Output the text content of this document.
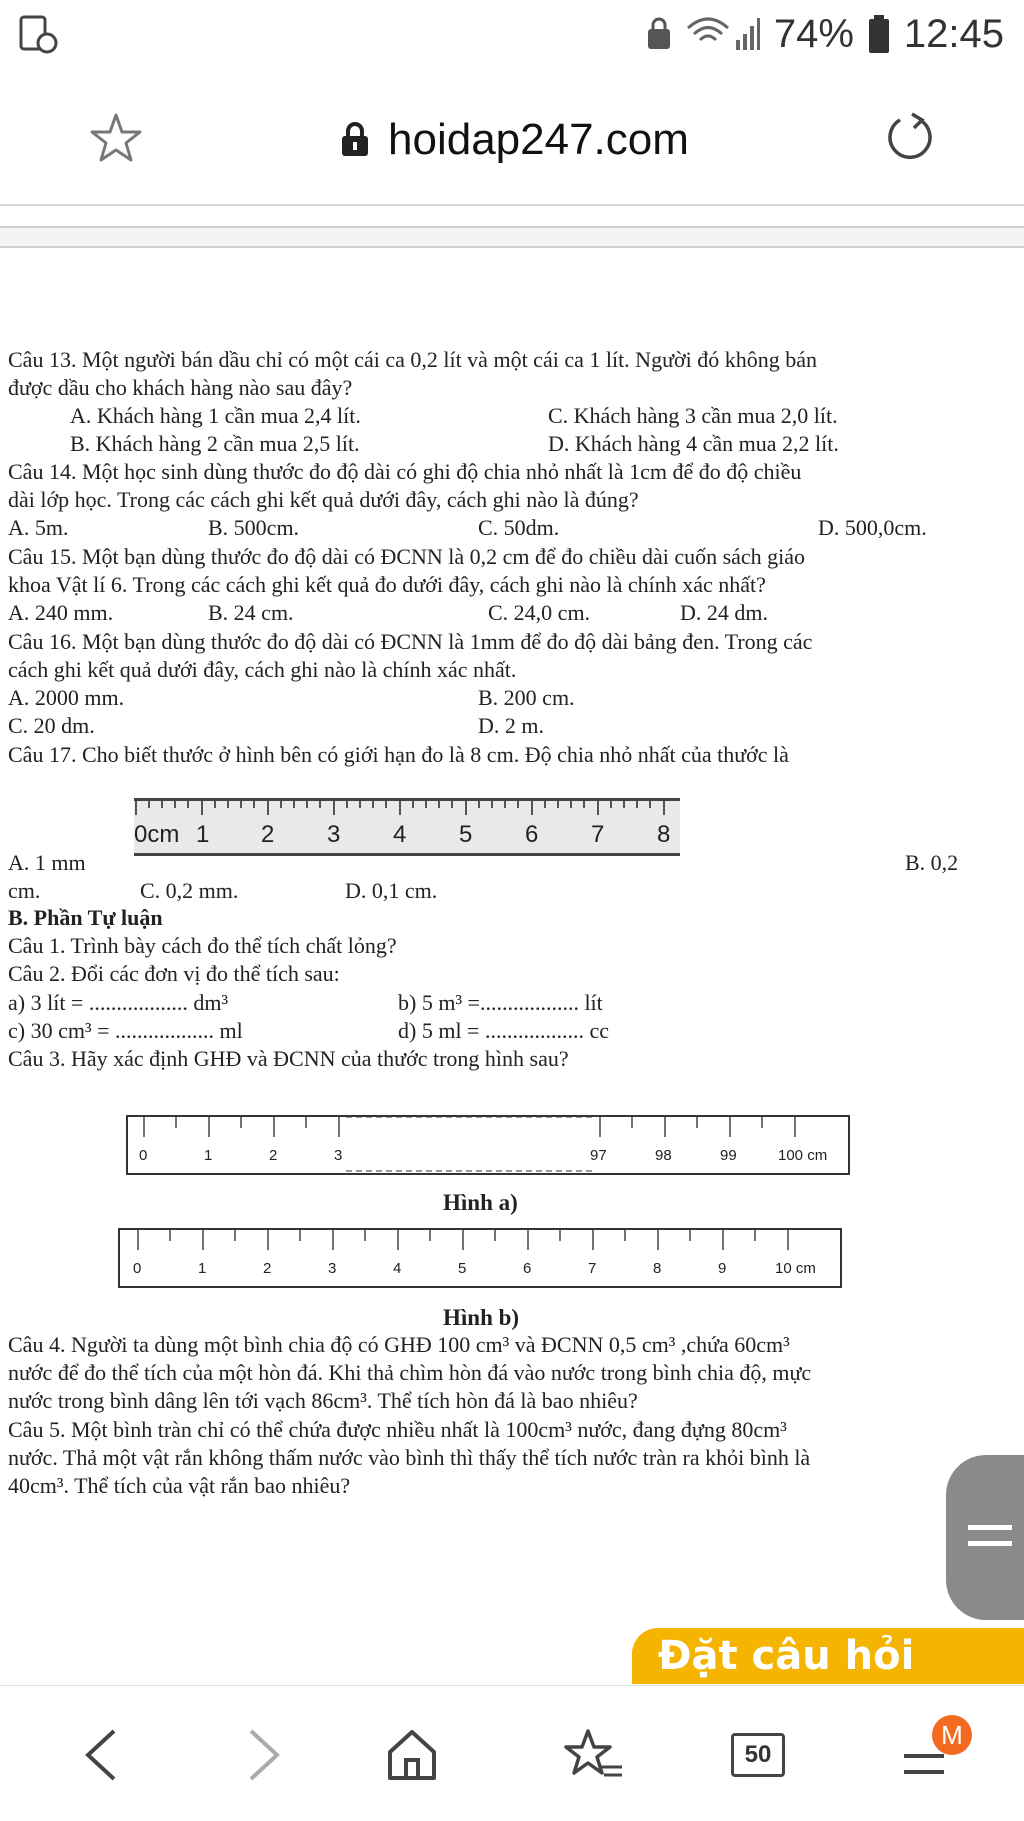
74% 12:45
hoidap247.com
Câu 13. Một người bán dầu chỉ có một cái ca 0,2 lít và một cái ca 1 lít. Người đó không bán
được dầu cho khách hàng nào sau đây?
A. Khách hàng 1 cần mua 2,4 lít.	C. Khách hàng 3 cần mua 2,0 lít.
B. Khách hàng 2 cần mua 2,5 lít.	D. Khách hàng 4 cần mua 2,2 lít.
Câu 14. Một học sinh dùng thước đo độ dài có ghi độ chia nhỏ nhất là 1cm để đo độ chiều
dài lớp học. Trong các cách ghi kết quả dưới đây, cách ghi nào là đúng?
A. 5m.	B. 500cm.	C. 50dm.	D. 500,0cm.
Câu 15. Một bạn dùng thước đo độ dài có ĐCNN là 0,2 cm để đo chiều dài cuốn sách giáo
khoa Vật lí 6. Trong các cách ghi kết quả đo dưới đây, cách ghi nào là chính xác nhất?
A. 240 mm.	B. 24 cm.	C. 24,0 cm.	D. 24 dm.
Câu 16. Một bạn dùng thước đo độ dài có ĐCNN là 1mm để đo độ dài bảng đen. Trong các
cách ghi kết quả dưới đây, cách ghi nào là chính xác nhất.
A. 2000 mm.	B. 200 cm.
C. 20 dm.	D. 2 m.
Câu 17. Cho biết thước ở hình bên có giới hạn đo là 8 cm. Độ chia nhỏ nhất của thước là
A. 1 mm	B. 0,2
cm.	C. 0,2 mm.	D. 0,1 cm.
B. Phần Tự luận
Câu 1. Trình bày cách đo thể tích chất lỏng?
Câu 2. Đổi các đơn vị đo thể tích sau:
a) 3 lít = .................. dm³	b) 5 m³ =.................. lít
c) 30 cm³ = .................. ml	d) 5 ml = .................. cc
Câu 3. Hãy xác định GHĐ và ĐCNN của thước trong hình sau?
Hình a)
Hình b)
Câu 4. Người ta dùng một bình chia độ có GHĐ 100 cm³ và ĐCNN 0,5 cm³ ,chứa 60cm³
nước để đo thể tích của một hòn đá. Khi thả chìm hòn đá vào nước trong bình chia độ, mực
nước trong bình dâng lên tới vạch 86cm³. Thể tích hòn đá là bao nhiêu?
Câu 5. Một bình tràn chỉ có thể chứa được nhiều nhất là 100cm³ nước, đang đựng 80cm³
nước. Thả một vật rắn không thấm nước vào bình thì thấy thể tích nước tràn ra khỏi bình là
40cm³. Thể tích của vật rắn bao nhiêu?
0cm 1 2 3 4 5 6 7 8
0	1	2	3	97	98	99	100 cm
0	1	2	3	4	5	6	7	8	9	10 cm
Đặt câu hỏi
50
M
